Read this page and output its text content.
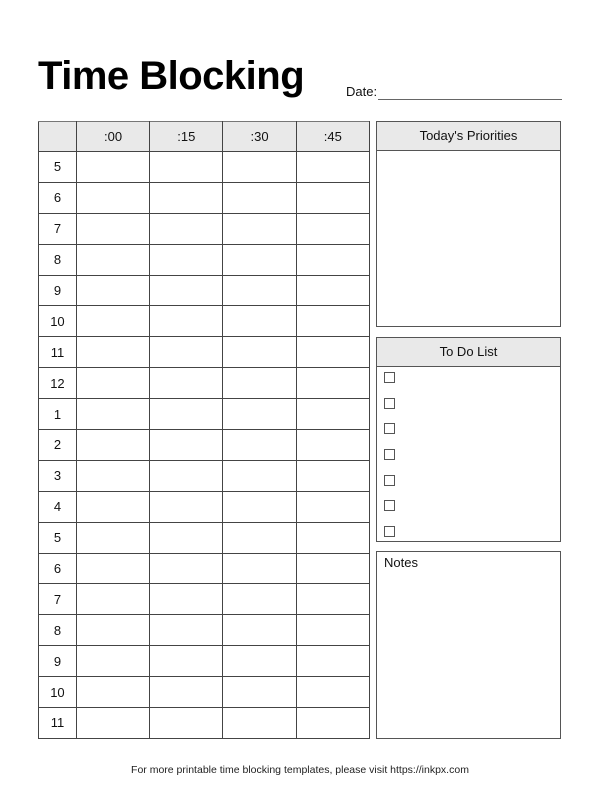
Time Blocking	Date:
	:00	:15	:30	:45
5				
6				
7				
8				
9				
10				
11				
12				
1				
2				
3				
4				
5				
6				
7				
8				
9				
10				
11				
Today's Priorities
To Do List
Notes
For more printable time blocking templates, please visit https://inkpx.com
